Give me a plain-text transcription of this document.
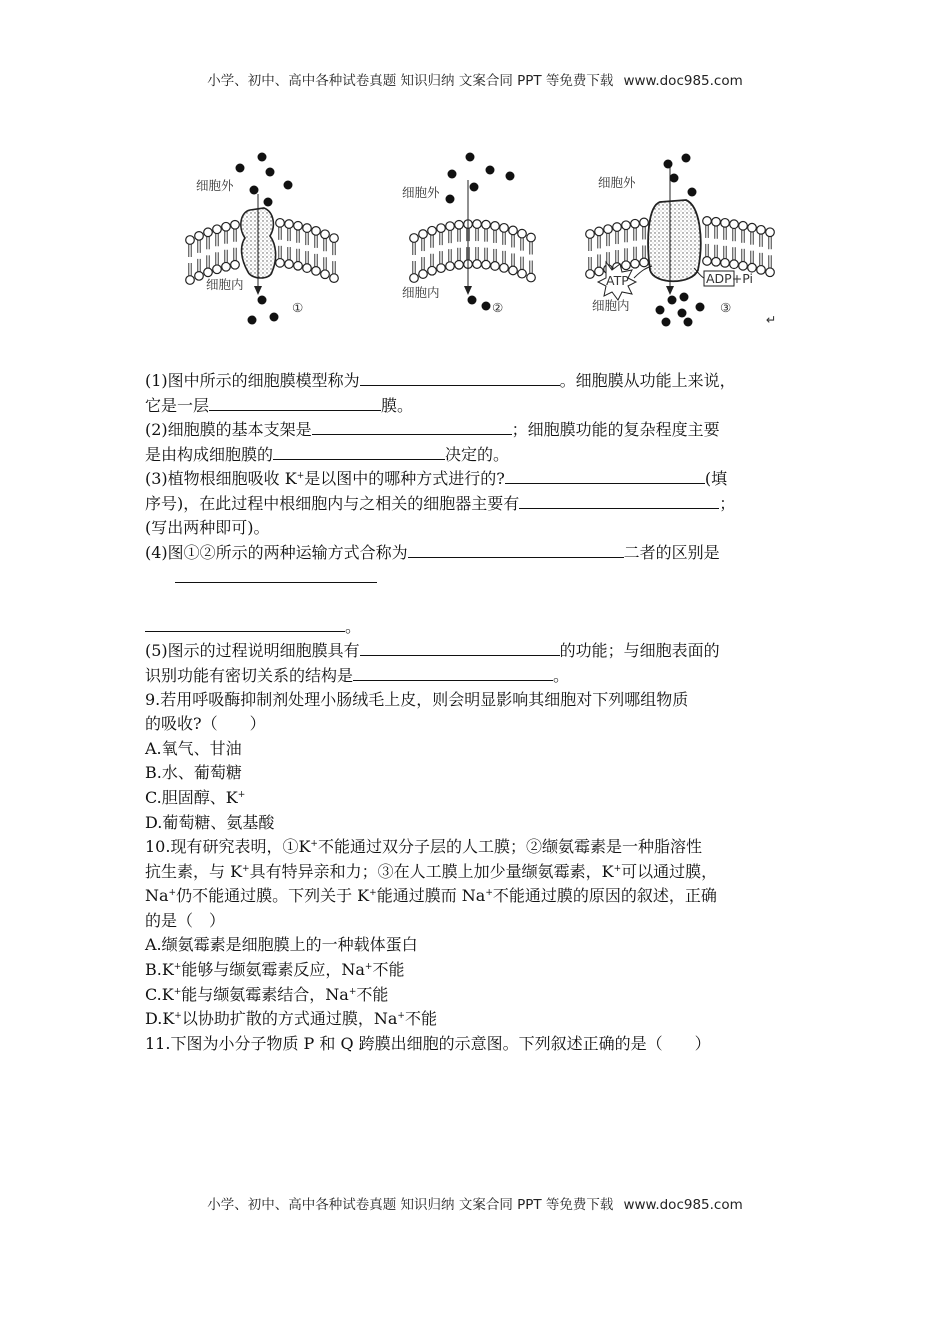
小学、初中、高中各种试卷真题 知识归纳 文案合同 PPT 等免费下载 www.doc985.com
细胞外
细胞内
①
细胞外
细胞内
②
ATP	ADP+Pi
细胞外
细胞内	③
↵
(1)图中所示的细胞膜模型称为	。细胞膜从功能上来说，
它是一层	膜。
(2)细胞膜的基本支架是	；细胞膜功能的复杂程度主要
是由构成细胞膜的	决定的。
(3)植物根细胞吸收 K+是以图中的哪种方式进行的?	(填
序号)，在此过程中根细胞内与之相关的细胞器主要有	；
(写出两种即可)。
(4)图①②所示的两种运输方式合称为	二者的区别是
。
(5)图示的过程说明细胞膜具有	的功能；与细胞表面的
识别功能有密切关系的结构是	。
9.若用呼吸酶抑制剂处理小肠绒毛上皮，则会明显影响其细胞对下列哪组物质
的吸收?（　　）
A.氧气、甘油
B.水、葡萄糖
C.胆固醇、K+
D.葡萄糖、氨基酸
10.现有研究表明，①K+不能通过双分子层的人工膜；②缬氨霉素是一种脂溶性
抗生素，与 K+具有特异亲和力；③在人工膜上加少量缬氨霉素，K+可以通过膜，
Na+仍不能通过膜。下列关于 K+能通过膜而 Na+不能通过膜的原因的叙述，正确
的是（　）
A.缬氨霉素是细胞膜上的一种载体蛋白
B.K+能够与缬氨霉素反应，Na+不能
C.K+能与缬氨霉素结合，Na+不能
D.K+以协助扩散的方式通过膜，Na+不能
11.下图为小分子物质 P 和 Q 跨膜出细胞的示意图。下列叙述正确的是（　　）
小学、初中、高中各种试卷真题 知识归纳 文案合同 PPT 等免费下载 www.doc985.com
